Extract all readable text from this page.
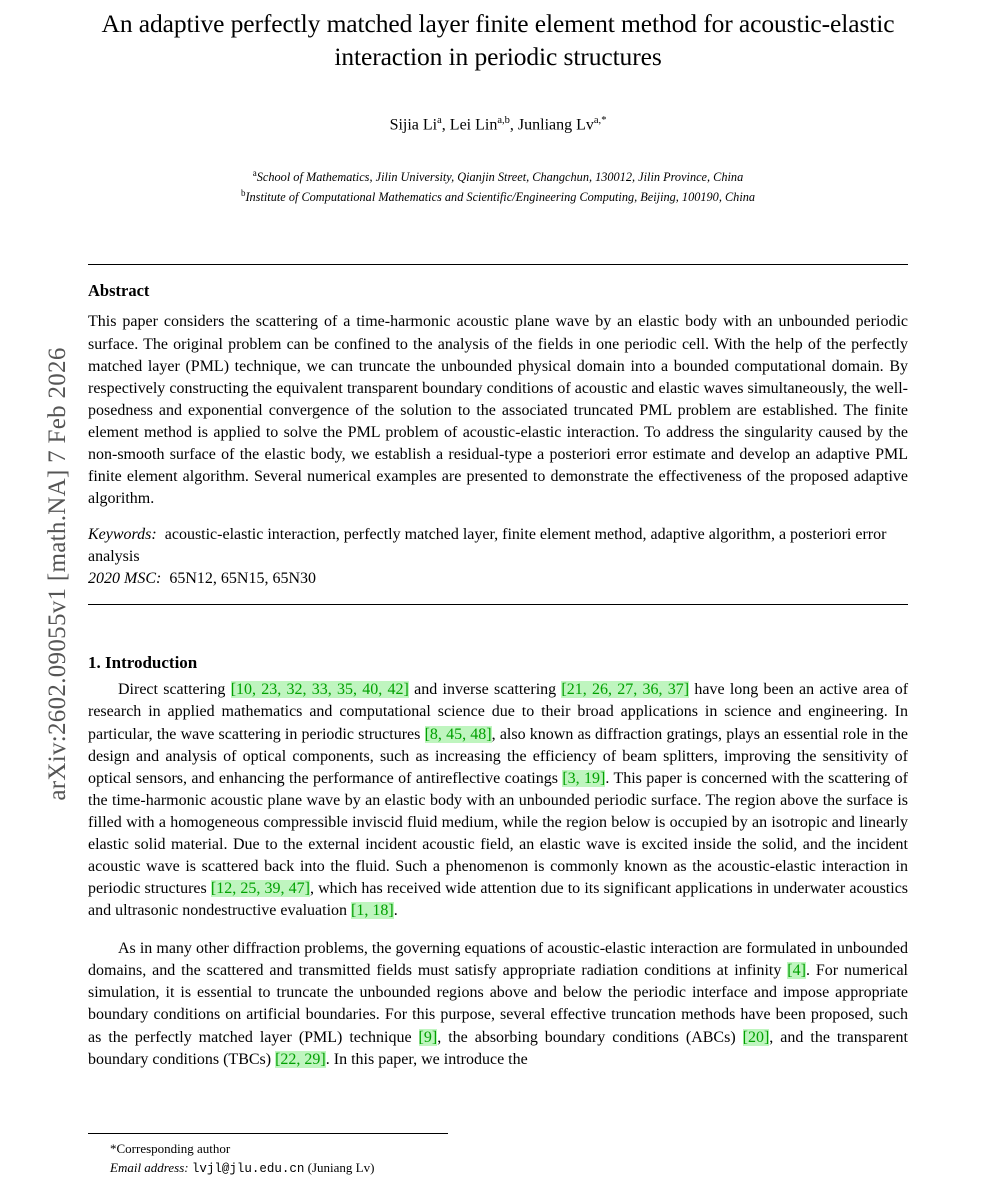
arXiv:2602.09055v1 [math.NA] 7 Feb 2026
An adaptive perfectly matched layer finite element method for acoustic-elastic interaction in periodic structures
Sijia Li$^a$, Lei Lin$^{a,b}$, Junliang $Lv^{a,*}$
$^a$School of Mathematics, Jilin University, Qianjin Street, Changchun, 130012, Jilin Province, China
$^b$Institute of Computational Mathematics and Scientific/Engineering Computing, Beijing, 100190, China
Abstract
This paper considers the scattering of a time-harmonic acoustic plane wave by an elastic body with an unbounded periodic surface. The original problem can be confined to the analysis of the fields in one periodic cell. With the help of the perfectly matched layer (PML) technique, we can truncate the unbounded physical domain into a bounded computational domain. By respectively constructing the equivalent transparent boundary conditions of acoustic and elastic waves simultaneously, the well-posedness and exponential convergence of the solution to the associated truncated PML problem are established. The finite element method is applied to solve the PML problem of acoustic-elastic interaction. To address the singularity caused by the non-smooth surface of the elastic body, we establish a residual-type a posteriori error estimate and develop an adaptive PML finite element algorithm. Several numerical examples are presented to demonstrate the effectiveness of the proposed adaptive algorithm.
Keywords: acoustic-elastic interaction, perfectly matched layer, finite element method, adaptive algorithm, a posteriori error analysis
2020 MSC: 65N12, 65N15, 65N30
1. Introduction

Direct scattering [10, 23, 32, 33, 35, 40, 42] and inverse scattering [21, 26, 27, 36, 37] have long been an active area of research in applied mathematics and computational science due to their broad applications in science and engineering. In particular, the wave scattering in periodic structures [8, 45, 48], also known as diffraction gratings, plays an essential role in the design and analysis of optical components, such as increasing the efficiency of beam splitters, improving the sensitivity of optical sensors, and enhancing the performance of antireflective coatings [3, 19]. This paper is concerned with the scattering of the time-harmonic acoustic plane wave by an elastic body with an unbounded periodic surface. The region above the surface is filled with a homogeneous compressible inviscid fluid medium, while the region below is occupied by an isotropic and linearly elastic solid material. Due to the external incident acoustic field, an elastic wave is excited inside the solid, and the incident acoustic wave is scattered back into the fluid. Such a phenomenon is commonly known as the acoustic-elastic interaction in periodic structures [12, 25, 39, 47], which has received wide attention due to its significant applications in underwater acoustics and ultrasonic nondestructive evaluation [1, 18].

As in many other diffraction problems, the governing equations of acoustic-elastic interaction are formulated in unbounded domains, and the scattered and transmitted fields must satisfy appropriate radiation conditions at infinity [4]. For numerical simulation, it is essential to truncate the unbounded regions above and below the periodic interface and impose appropriate boundary conditions on artificial boundaries. For this purpose, several effective truncation methods have been proposed, such as the perfectly matched layer (PML) technique [9], the absorbing boundary conditions (ABCs) [20], and the transparent boundary conditions (TBCs) [22, 29]. In this paper, we introduce the

*Corresponding author
Email address: lvjl@jlu.edu.cn (Juniang Lv)
